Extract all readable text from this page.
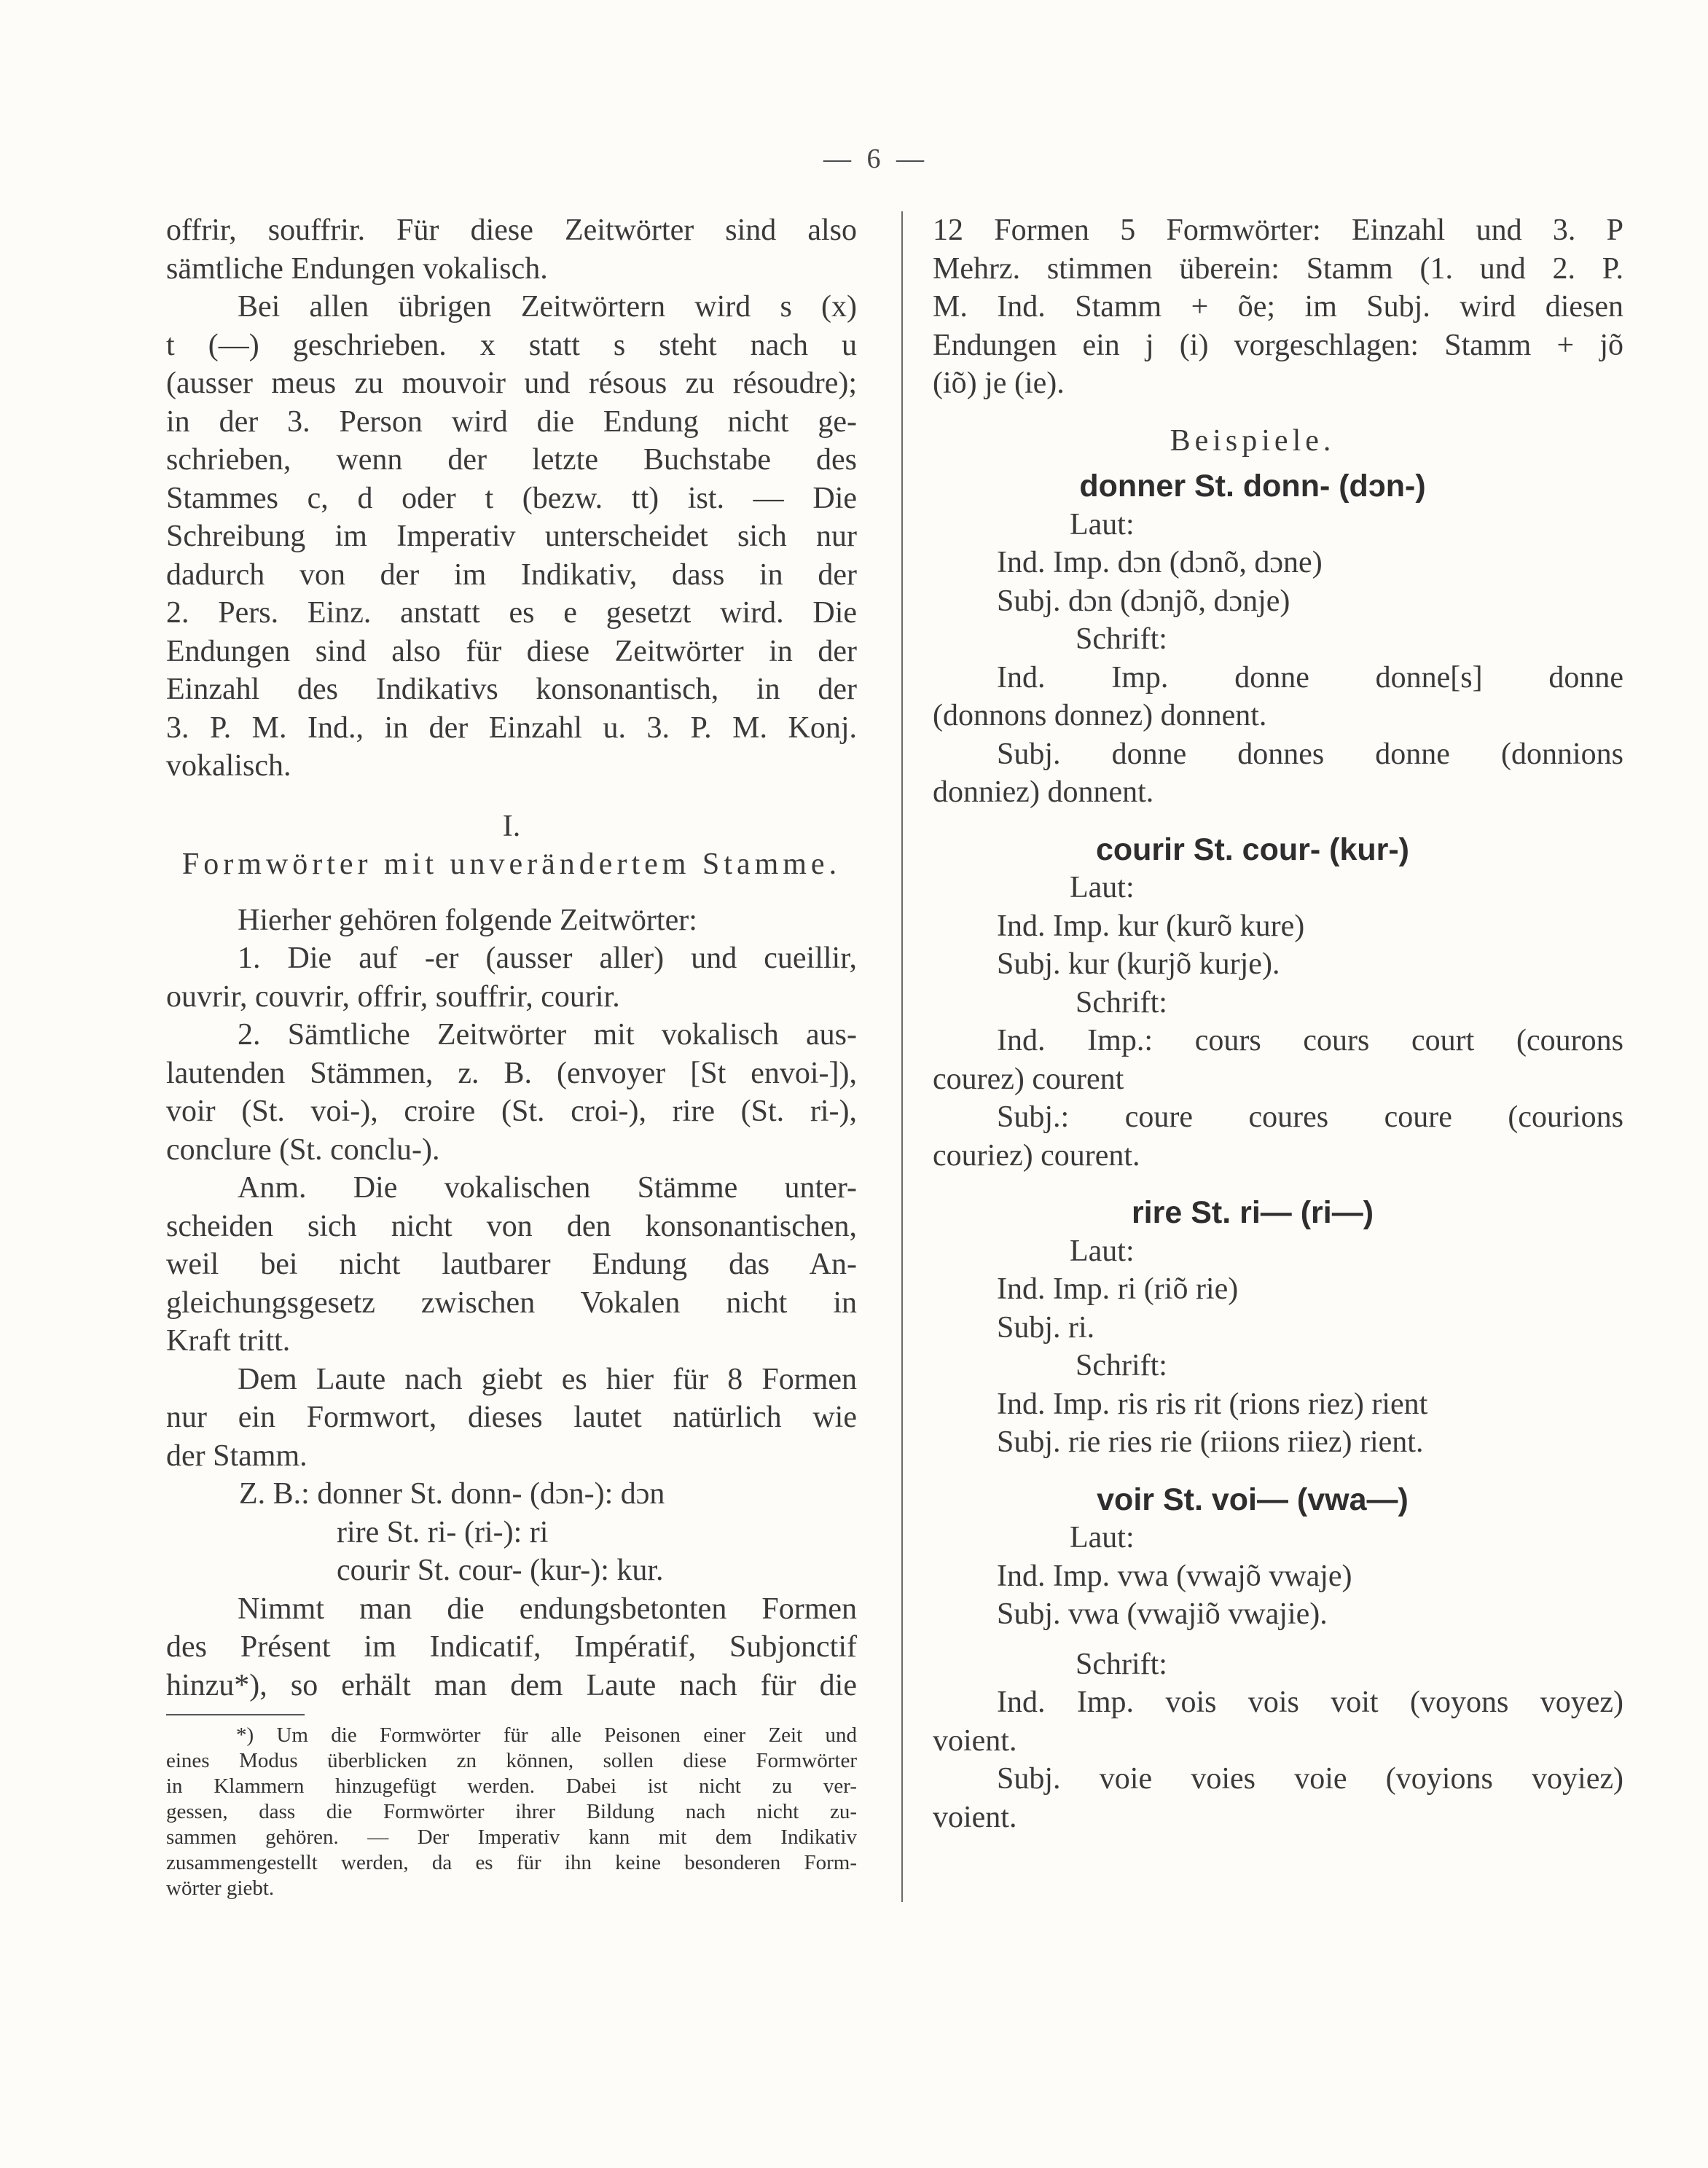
— 6 —
offrir, souffrir. Für diese Zeitwörter sind also
sämtliche Endungen vokalisch.
Bei allen übrigen Zeitwörtern wird s (x)
t (—) geschrieben. x statt s steht nach u
(ausser meus zu mouvoir und résous zu résoudre);
in der 3. Person wird die Endung nicht ge-
schrieben, wenn der letzte Buchstabe des
Stammes c, d oder t (bezw. tt) ist. — Die
Schreibung im Imperativ unterscheidet sich nur
dadurch von der im Indikativ, dass in der
2. Pers. Einz. anstatt es e gesetzt wird. Die
Endungen sind also für diese Zeitwörter in der
Einzahl des Indikativs konsonantisch, in der
3. P. M. Ind., in der Einzahl u. 3. P. M. Konj.
vokalisch.
I.
Formwörter mit unverändertem Stamme.
Hierher gehören folgende Zeitwörter:
1. Die auf -er (ausser aller) und cueillir,
ouvrir, couvrir, offrir, souffrir, courir.
2. Sämtliche Zeitwörter mit vokalisch aus-
lautenden Stämmen, z. B. (envoyer [St envoi-]),
voir (St. voi-), croire (St. croi-), rire (St. ri-),
conclure (St. conclu-).
Anm. Die vokalischen Stämme unter-
scheiden sich nicht von den konsonantischen,
weil bei nicht lautbarer Endung das An-
gleichungsgesetz zwischen Vokalen nicht in
Kraft tritt.
Dem Laute nach giebt es hier für 8 Formen
nur ein Formwort, dieses lautet natürlich wie
der Stamm.
Z. B.: donner St. donn- (dɔn-): dɔn
rire St. ri- (ri-): ri
courir St. cour- (kur-): kur.
Nimmt man die endungsbetonten Formen
des Présent im Indicatif, Impératif, Subjonctif
hinzu*), so erhält man dem Laute nach für die
*) Um die Formwörter für alle Peisonen einer Zeit und
eines Modus überblicken zn können, sollen diese Formwörter
in Klammern hinzugefügt werden. Dabei ist nicht zu ver-
gessen, dass die Formwörter ihrer Bildung nach nicht zu-
sammen gehören. — Der Imperativ kann mit dem Indikativ
zusammengestellt werden, da es für ihn keine besonderen Form-
wörter giebt.
12 Formen 5 Formwörter: Einzahl und 3. P
Mehrz. stimmen überein: Stamm (1. und 2. P.
M. Ind. Stamm + õe; im Subj. wird diesen
Endungen ein j (i) vorgeschlagen: Stamm + jõ
(iõ) je (ie).
Beispiele.
donner St. donn- (dɔn-)
Laut:
Ind. Imp. dɔn (dɔnõ, dɔne)
Subj. dɔn (dɔnjõ, dɔnje)
Schrift:
Ind. Imp. donne donne[s] donne
(donnons donnez) donnent.
Subj. donne donnes donne (donnions
donniez) donnent.
courir St. cour- (kur-)
Laut:
Ind. Imp. kur (kurõ kure)
Subj. kur (kurjõ kurje).
Schrift:
Ind. Imp.: cours cours court (courons
courez) courent
Subj.: coure coures coure (courions
couriez) courent.
rire St. ri— (ri—)
Laut:
Ind. Imp. ri (riõ rie)
Subj. ri.
Schrift:
Ind. Imp. ris ris rit (rions riez) rient
Subj. rie ries rie (riions riiez) rient.
voir St. voi— (vwa—)
Laut:
Ind. Imp. vwa (vwajõ vwaje)
Subj. vwa (vwajiõ vwajie).
Schrift:
Ind. Imp. vois vois voit (voyons voyez)
voient.
Subj. voie voies voie (voyions voyiez)
voient.
